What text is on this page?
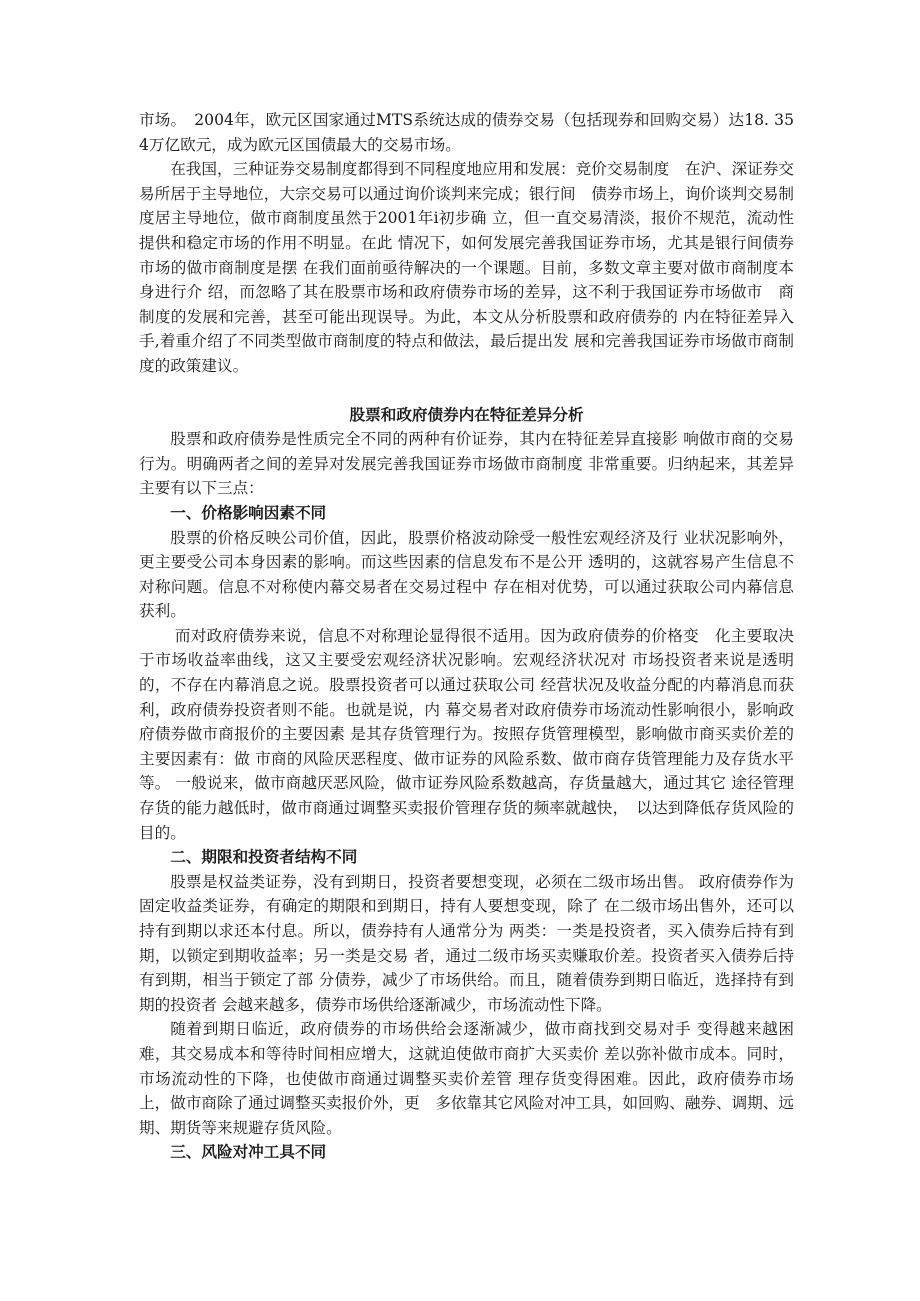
市场。　2004年，欧元区国家通过MTS系统达成的债券交易（包括现券和回购交易）达18. 354万亿欧元，成为欧元区国债最大的交易市场。

在我国，三种证券交易制度都得到不同程度地应用和发展：竞价交易制度　在沪、深证券交易所居于主导地位，大宗交易可以通过询价谈判来完成；银行间　债券市场上，询价谈判交易制度居主导地位，做市商制度虽然于2001年i初步确 立，但一直交易清淡，报价不规范，流动性提供和稳定市场的作用不明显。在此 情况下，如何发展完善我国证券市场，尤其是银行间债券市场的做市商制度是摆 在我们面前亟待解决的一个课题。目前，多数文章主要对做市商制度本身进行介 绍，而忽略了其在股票市场和政府债券市场的差异，这不利于我国证券市场做市　商制度的发展和完善，甚至可能出现误导。为此，本文从分析股票和政府债券的 内在特征差异入手,着重介绍了不同类型做市商制度的特点和做法，最后提出发 展和完善我国证券市场做市商制度的政策建议。

股票和政府债券内在特征差异分析

股票和政府债券是性质完全不同的两种有价证券，其内在特征差异直接影 响做市商的交易行为。明确两者之间的差异对发展完善我国证券市场做市商制度 非常重要。归纳起来，其差异主要有以下三点：

一、价格影响因素不同

股票的价格反映公司价值，因此，股票价格波动除受一般性宏观经济及行 业状况影响外，更主要受公司本身因素的影响。而这些因素的信息发布不是公开 透明的，这就容易产生信息不对称问题。信息不对称使内幕交易者在交易过程中 存在相对优势，可以通过获取公司内幕信息获利。

而对政府债券来说，信息不对称理论显得很不适用。因为政府债券的价格变　化主要取决于市场收益率曲线，这又主要受宏观经济状况影响。宏观经济状况对 市场投资者来说是透明的，不存在内幕消息之说。股票投资者可以通过获取公司 经营状况及收益分配的内幕消息而获利，政府债券投资者则不能。也就是说，内 幕交易者对政府债券市场流动性影响很小，影响政府债券做市商报价的主要因素 是其存货管理行为。按照存货管理模型，影响做市商买卖价差的主要因素有：做 市商的风险厌恶程度、做市证券的风险系数、做市商存货管理能力及存货水平等。 一般说来，做市商越厌恶风险，做市证券风险系数越高，存货量越大，通过其它 途径管理存货的能力越低时，做市商通过调整买卖报价管理存货的频率就越快，　以达到降低存货风险的目的。

二、期限和投资者结构不同

股票是权益类证券，没有到期日，投资者要想变现，必须在二级市场出售。 政府债券作为固定收益类证券，有确定的期限和到期日，持有人要想变现，除了 在二级市场出售外，还可以持有到期以求还本付息。所以，债券持有人通常分为 两类：一类是投资者，买入债券后持有到期，以锁定到期收益率；另一类是交易 者，通过二级市场买卖赚取价差。投资者买入债券后持有到期，相当于锁定了部 分债券，减少了市场供给。而且，随着债券到期日临近，选择持有到期的投资者 会越来越多，债券市场供给逐渐减少，市场流动性下降。

随着到期日临近，政府债券的市场供给会逐渐减少，做市商找到交易对手 变得越来越困难，其交易成本和等待时间相应增大，这就迫使做市商扩大买卖价 差以弥补做市成本。同时，市场流动性的下降，也使做市商通过调整买卖价差管 理存货变得困难。因此，政府债券市场上，做市商除了通过调整买卖报价外，更　多依靠其它风险对冲工具，如回购、融券、调期、远期、期货等来规避存货风险。

三、风险对冲工具不同
